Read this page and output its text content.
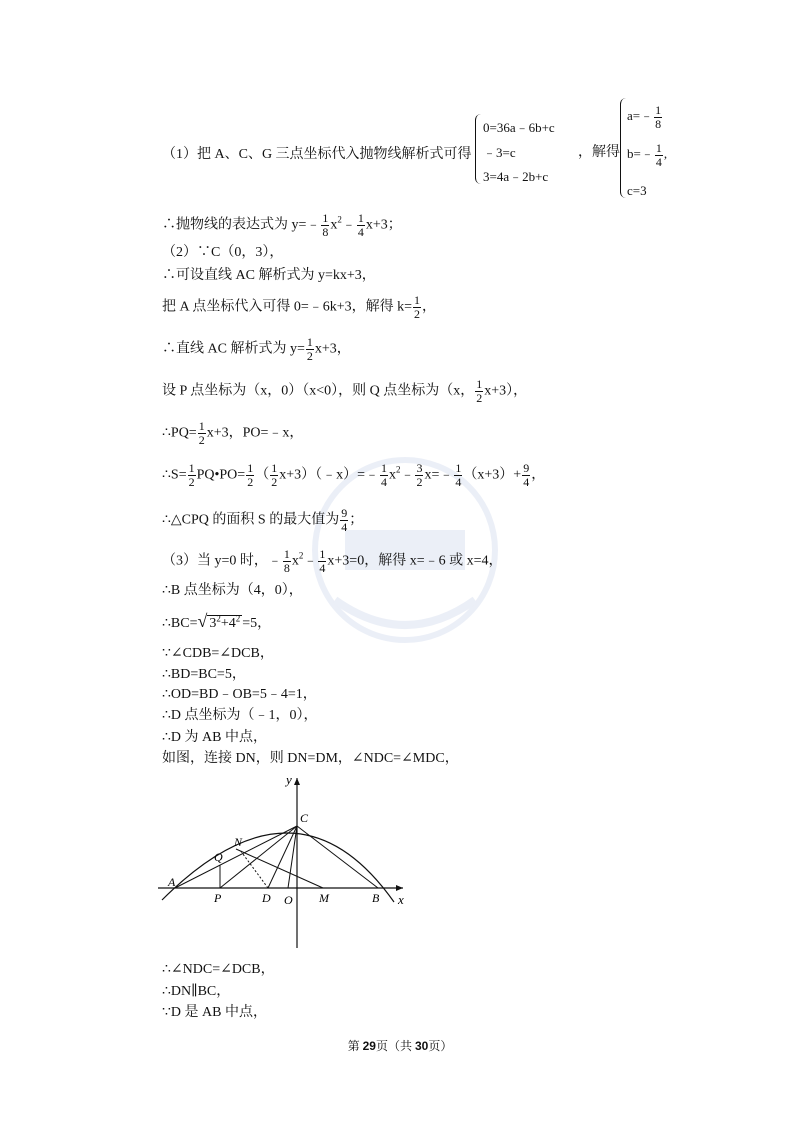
（1）把 A、C、G 三点坐标代入抛物线解析式可得
0=36a﹣6b+c
﹣3=c
3=4a﹣2b+c
，解得
a=﹣ $\frac{1}{8}$
b=﹣ $\frac{1}{4}$ ,
c=3
∴抛物线的表达式为 y=﹣ $\frac{1}{8}$ $x^2﹣ \frac{1}{4} x+3$；
（2）∵C（0，3），
∴可设直线 AC 解析式为 y=kx+3，
把 A 点坐标代入可得 0=﹣6k+3，解得 $k= \frac{1}{2}$ ，
∴直线 AC 解析式为 $y= \frac{1}{2} x+3$，
设 P 点坐标为（x，0）（x<0），则 Q 点坐标为（x， $\frac{1}{2} x+3$），
∴PQ= $\frac{1}{2} x+3$，PO=﹣x，
∴S= $\frac{1}{2}$ PQ•PO= $\frac{1}{2}$ （ $\frac{1}{2}$ x+3）（﹣x）=﹣ $\frac{1}{4}$ $x^2﹣ \frac{3}{2}$ x=﹣ $\frac{1}{4} (x+3)+ \frac{9}{4}$ ，
∴△CPQ 的面积 S 的最大值为 $\frac{9}{4}$ ；
（3）当 y=0 时，﹣ $\frac{1}{8}$ $x^2﹣ \frac{1}{4} x+3=0$，解得 x=﹣6 或 x=4，
∴B 点坐标为（4，0），
∴BC=√ $3^2+4^2 =5$，
∵∠CDB=∠DCB，
∴BD=BC=5，
∴OD=BD﹣OB=5﹣4=1，
∴D 点坐标为（﹣1，0），
∴D 为 AB 中点，
如图，连接 DN，则 DN=DM，∠NDC=∠MDC，
y
x
C
N
Q
A
P	D O M	B
∴∠NDC=∠DCB，
∴DN∥BC，
∵D 是 AB 中点，
第 29页（共 30页）
